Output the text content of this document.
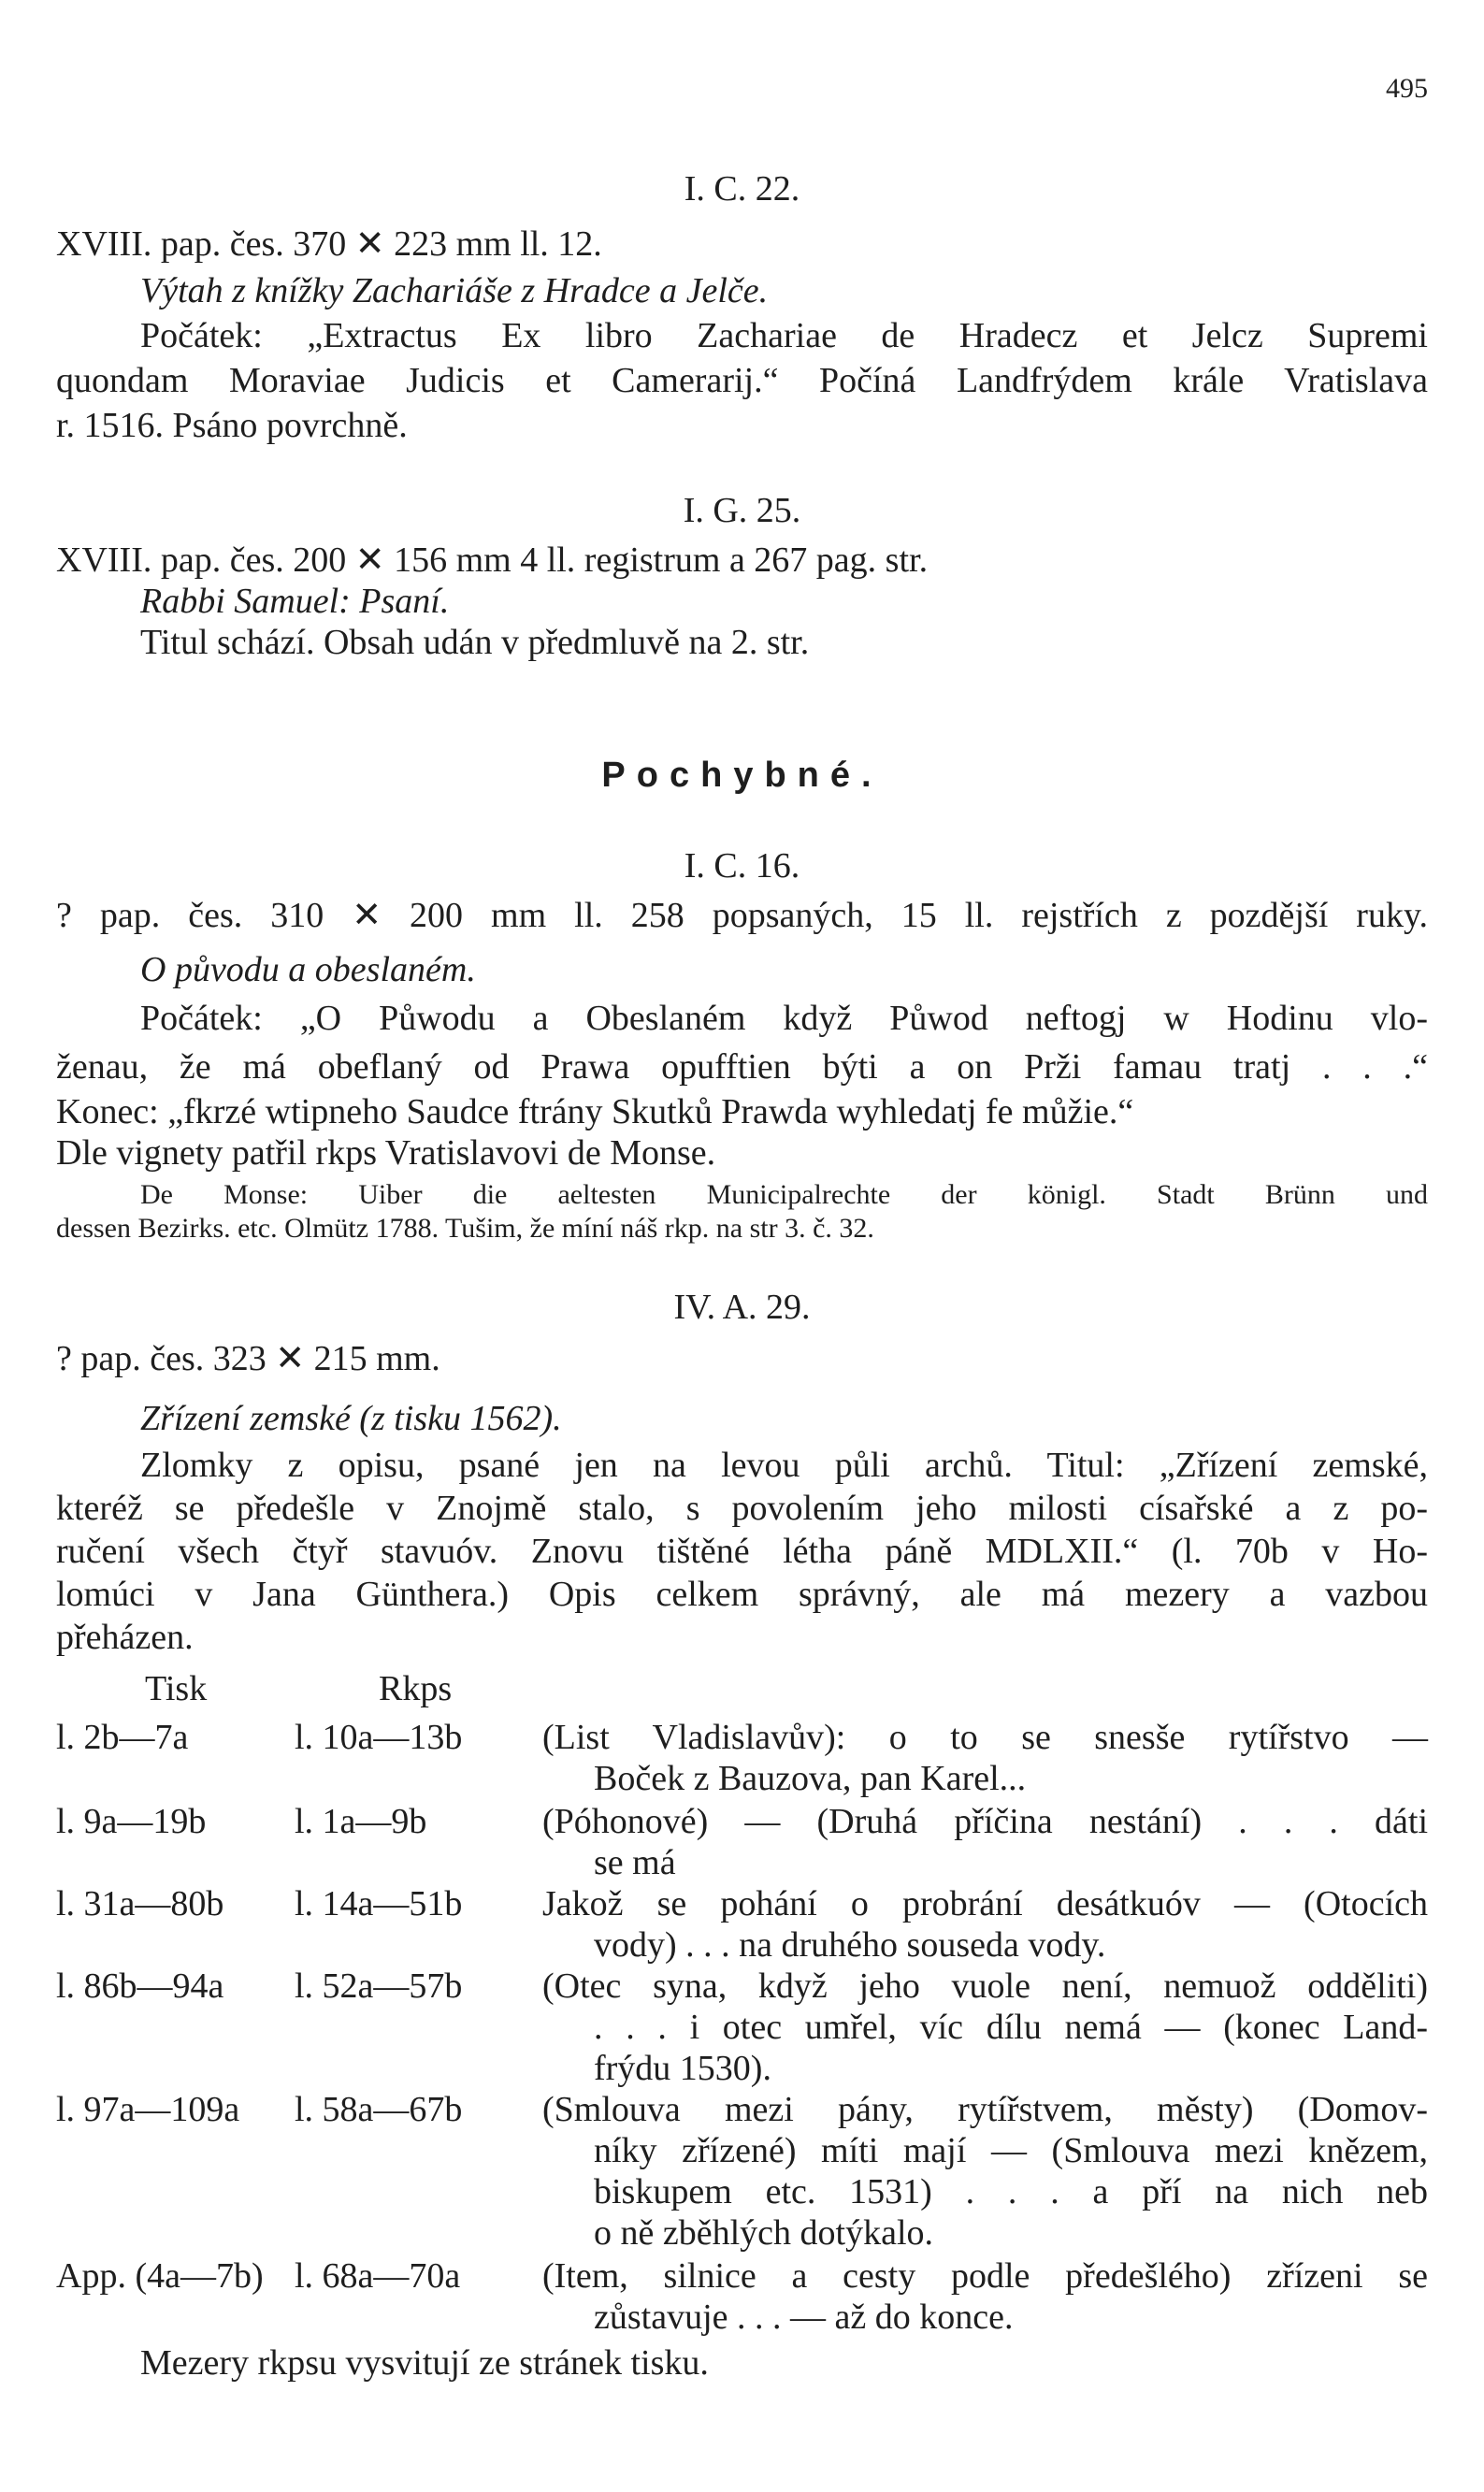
495
I. C. 22.
XVIII. pap. čes. 370 ✕ 223 mm ll. 12.
Výtah z knížky Zachariáše z Hradce a Jelče.
Počátek: „Extractus Ex libro Zachariae de Hradecz et Jelcz Supremi
quondam Moraviae Judicis et Camerarij.“ Počíná Landfrýdem krále Vratislava
r. 1516. Psáno povrchně.
I. G. 25.
XVIII. pap. čes. 200 ✕ 156 mm 4 ll. registrum a 267 pag. str.
Rabbi Samuel: Psaní.
Titul schází. Obsah udán v předmluvě na 2. str.
Pochybné.
I. C. 16.
? pap. čes. 310 ✕ 200 mm ll. 258 popsaných, 15 ll. rejstřích z pozdější ruky.
O původu a obeslaném.
Počátek: „O Půwodu a Obeslaném když Půwod neftogj w Hodinu vlo-
ženau, že má obeflaný od Prawa opufftien býti a on Prži famau tratj . . .“
Konec: „fkrzé wtipneho Saudce ftrány Skutků Prawda wyhledatj fe můžie.“
Dle vignety patřil rkps Vratislavovi de Monse.
De Monse: Uiber die aeltesten Municipalrechte der königl. Stadt Brünn und
dessen Bezirks. etc. Olmütz 1788. Tušim, že míní náš rkp. na str 3. č. 32.
IV. A. 29.
? pap. čes. 323 ✕ 215 mm.
Zřízení zemské (z tisku 1562).
Zlomky z opisu, psané jen na levou půli archů. Titul: „Zřízení zemské,
kteréž se předešle v Znojmě stalo, s povolením jeho milosti císařské a z po-
ručení všech čtyř stavuóv. Znovu tištěné létha páně MDLXII.“ (l. 70b v Ho-
lomúci v Jana Günthera.) Opis celkem správný, ale má mezery a vazbou
přeházen.
Tisk	Rkps
l. 2b—7a	l. 10a—13b	(List Vladislavův): o to se snesše rytířstvo —
Boček z Bauzova, pan Karel...
l. 9a—19b	l. 1a—9b	(Póhonové) — (Druhá příčina nestání) . . . dáti
se má
l. 31a—80b	l. 14a—51b	Jakož se pohání o probrání desátkuóv — (Otocích
vody) . . . na druhého souseda vody.
l. 86b—94a	l. 52a—57b	(Otec syna, když jeho vuole není, nemuož odděliti)
. . . i otec umřel, víc dílu nemá — (konec Land-
frýdu 1530).
l. 97a—109a	l. 58a—67b	(Smlouva mezi pány, rytířstvem, městy) (Domov-
níky zřízené) míti mají — (Smlouva mezi knězem,
biskupem etc. 1531) . . . a pří na nich neb
o ně zběhlých dotýkalo.
App. (4a—7b) l. 68a—70a	(Item, silnice a cesty podle předešlého) zřízeni se
zůstavuje . . . — až do konce.
Mezery rkpsu vysvitují ze stránek tisku.
